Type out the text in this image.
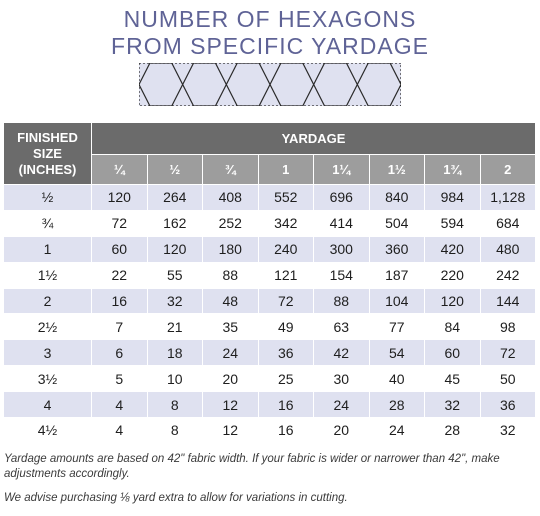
NUMBER OF HEXAGONS
FROM SPECIFIC YARDAGE
FINISHED
SIZE
(INCHES)	YARDAGE							
	¼	½	¾	1	1¼	1½	1¾	2
½	120	264	408	552	696	840	984	1,128
¾	72	162	252	342	414	504	594	684
1	60	120	180	240	300	360	420	480
1½	22	55	88	121	154	187	220	242
2	16	32	48	72	88	104	120	144
2½	7	21	35	49	63	77	84	98
3	6	18	24	36	42	54	60	72
3½	5	10	20	25	30	40	45	50
4	4	8	12	16	24	28	32	36
4½	4	8	12	16	20	24	28	32

Yardage amounts are based on 42" fabric width. If your fabric is wider or narrower than 42", make adjustments accordingly.

We advise purchasing ⅛ yard extra to allow for variations in cutting.
